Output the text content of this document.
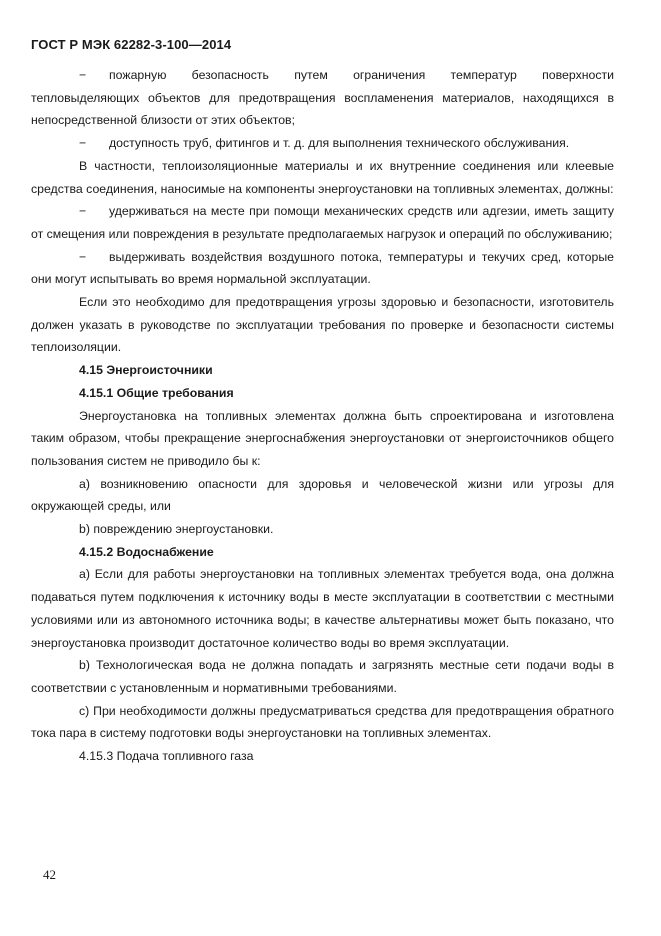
ГОСТ Р МЭК 62282-3-100—2014

− пожарную безопасность путем ограничения температур поверхности тепловыделяющих объектов для предотвращения воспламенения материалов, находящихся в непосредственной близости от этих объектов;

− доступность труб, фитингов и т. д. для выполнения технического обслуживания.

В частности, теплоизоляционные материалы и их внутренние соединения или клеевые средства соединения, наносимые на компоненты энергоустановки на топливных элементах, должны:

− удерживаться на месте при помощи механических средств или адгезии, иметь защиту от смещения или повреждения в результате предполагаемых нагрузок и операций по обслуживанию;

− выдерживать воздействия воздушного потока, температуры и текучих сред, которые они могут испытывать во время нормальной эксплуатации.

Если это необходимо для предотвращения угрозы здоровью и безопасности, изготовитель должен указать в руководстве по эксплуатации требования по проверке и безопасности системы теплоизоляции.

4.15 Энергоисточники

4.15.1 Общие требования

Энергоустановка на топливных элементах должна быть спроектирована и изготовлена таким образом, чтобы прекращение энергоснабжения энергоустановки от энергоисточников общего пользования систем не приводило бы к:

a) возникновению опасности для здоровья и человеческой жизни или угрозы для окружающей среды, или

b) повреждению энергоустановки.

4.15.2 Водоснабжение

a) Если для работы энергоустановки на топливных элементах требуется вода, она должна подаваться путем подключения к источнику воды в месте эксплуатации в соответствии с местными условиями или из автономного источника воды; в качестве альтернативы может быть показано, что энергоустановка производит достаточное количество воды во время эксплуатации.

b) Технологическая вода не должна попадать и загрязнять местные сети подачи воды в соответствии с установленным и нормативными требованиями.

c) При необходимости должны предусматриваться средства для предотвращения обратного тока пара в систему подготовки воды энергоустановки на топливных элементах.

4.15.3 Подача топливного газа

42
